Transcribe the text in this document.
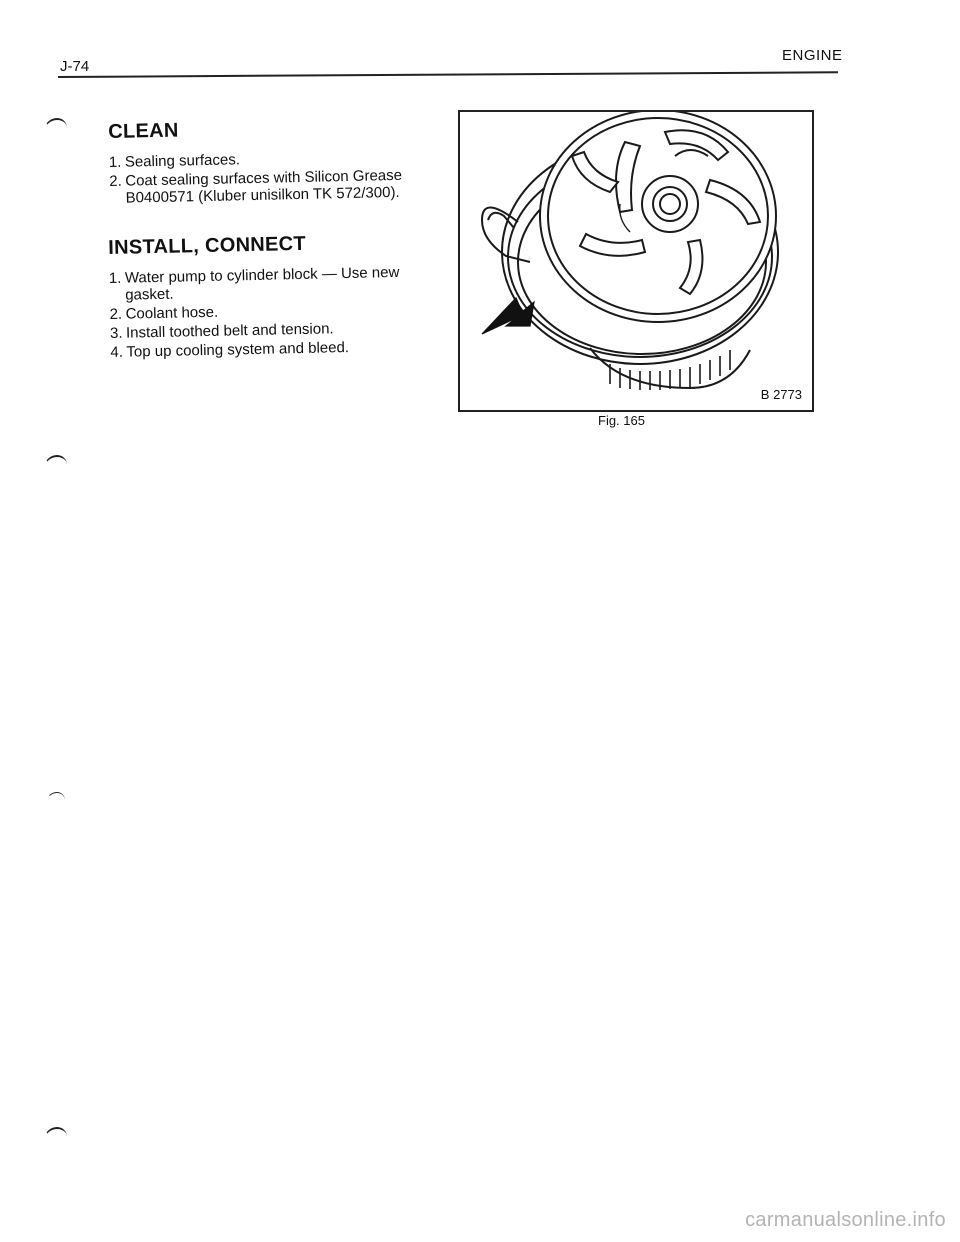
J-74
ENGINE
CLEAN
1. Sealing surfaces.
2. Coat sealing surfaces with Silicon Grease B0400571 (Kluber unisilkon TK 572/300).
INSTALL, CONNECT
1. Water pump to cylinder block — Use new gasket.
2. Coolant hose.
3. Install toothed belt and tension.
4. Top up cooling system and bleed.
B 2773
Fig. 165
carmanualsonline.info
